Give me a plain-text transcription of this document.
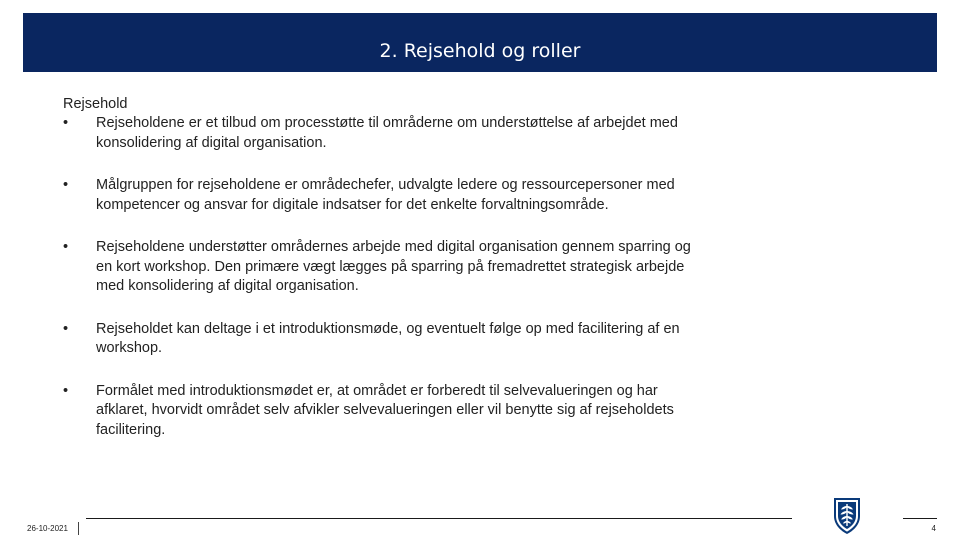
2. Rejsehold og roller
Rejsehold
•	Rejseholdene er et tilbud om processtøtte til områderne om understøttelse af arbejdet med konsolidering af digital organisation.
•	Målgruppen for rejseholdene er områdechefer, udvalgte ledere og ressourcepersoner med kompetencer og ansvar for digitale indsatser for det enkelte forvaltningsområde.
•	Rejseholdene understøtter områdernes arbejde med digital organisation gennem sparring og en kort workshop. Den primære vægt lægges på sparring på fremadrettet strategisk arbejde med konsolidering af digital organisation.
•	Rejseholdet kan deltage i et introduktionsmøde, og eventuelt følge op med facilitering af en workshop.
•	Formålet med introduktionsmødet er, at området er forberedt til selvevalueringen og har afklaret, hvorvidt området selv afvikler selvevalueringen eller vil benytte sig af rejseholdets facilitering.
26-10-2021	4
